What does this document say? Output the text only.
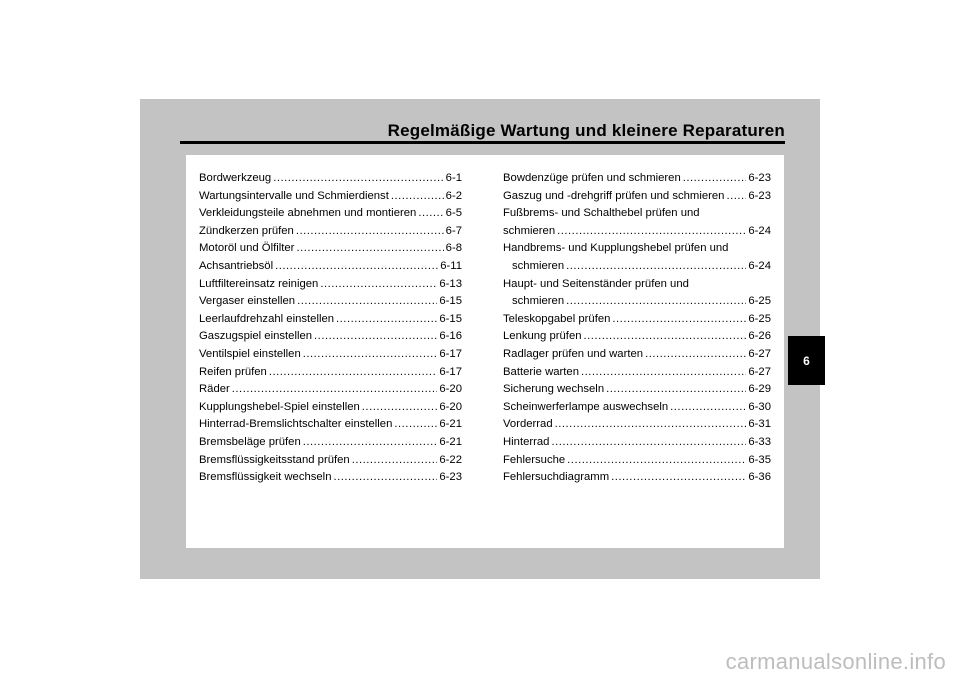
Regelmäßige Wartung und kleinere Reparaturen
Bordwerkzeug .....	6-1
Wartungsintervalle und Schmierdienst .....	6-2
Verkleidungsteile abnehmen und montieren .....	6-5
Zündkerzen prüfen .....	6-7
Motoröl und Ölfilter .....	6-8
Achsantriebsöl .....	6-11
Luftfiltereinsatz reinigen .....	6-13
Vergaser einstellen .....	6-15
Leerlaufdrehzahl einstellen .....	6-15
Gaszugspiel einstellen .....	6-16
Ventilspiel einstellen .....	6-17
Reifen prüfen .....	6-17
Räder .....	6-20
Kupplungshebel-Spiel einstellen .....	6-20
Hinterrad-Bremslichtschalter einstellen .....	6-21
Bremsbeläge prüfen .....	6-21
Bremsflüssigkeitsstand prüfen .....	6-22
Bremsflüssigkeit wechseln .....	6-23
Bowdenzüge prüfen und schmieren .....	6-23
Gaszug und -drehgriff prüfen und schmieren ..... 6-23
Fußbrems- und Schalthebel prüfen und
schmieren .....	6-24
Handbrems- und Kupplungshebel prüfen und
schmieren .....	6-24
Haupt- und Seitenständer prüfen und
schmieren .....	6-25
Teleskopgabel prüfen .....	6-25
Lenkung prüfen .....	6-26
Radlager prüfen und warten .....	6-27
Batterie warten .....	6-27
Sicherung wechseln .....	6-29
Scheinwerferlampe auswechseln .....	6-30
Vorderrad .....	6-31
Hinterrad .....	6-33
Fehlersuche .....	6-35
Fehlersuchdiagramm .....	6-36
6
carmanualsonline.info
